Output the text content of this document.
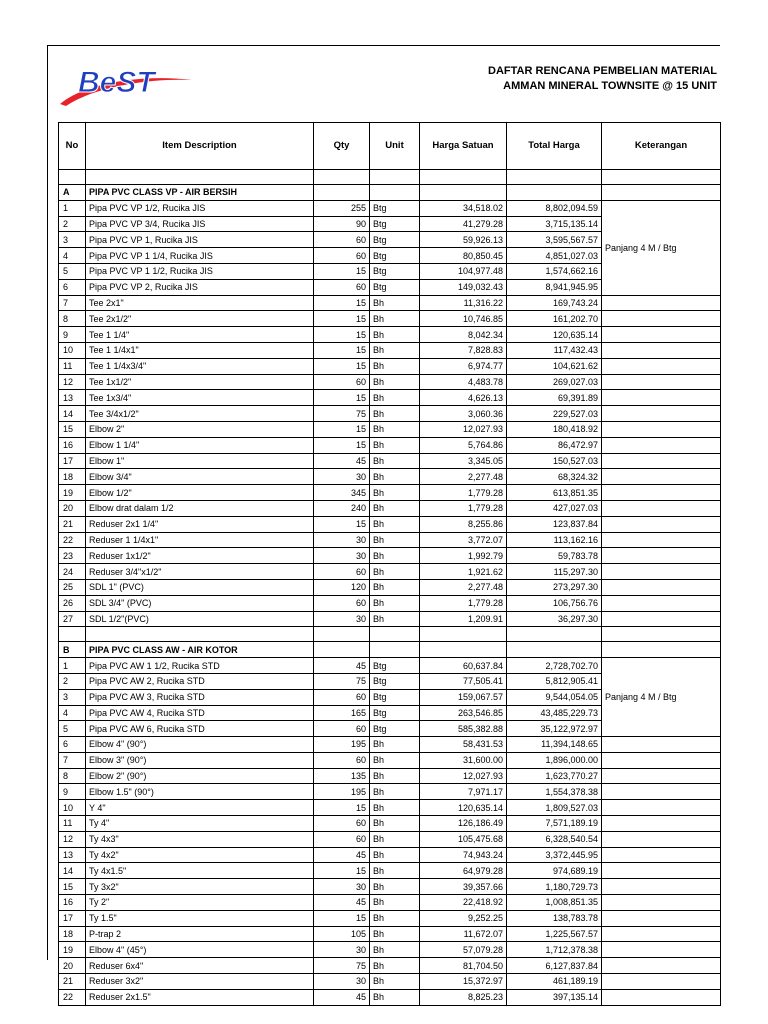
BeST	DAFTAR RENCANA PEMBELIAN MATERIAL
AMMAN MINERAL TOWNSITE @ 15 UNIT
No	Item Description	Qty	Unit	Harga Satuan	Total Harga	Keterangan

A	PIPA PVC CLASS VP - AIR BERSIH					
1	Pipa PVC VP 1/2, Rucika JIS	255	Btg	34,518.02	8,802,094.59	Panjang 4 M / Btg
2	Pipa PVC VP 3/4, Rucika JIS	90	Btg	41,279.28	3,715,135.14	
3	Pipa PVC VP 1, Rucika JIS	60	Btg	59,926.13	3,595,567.57	
4	Pipa PVC VP 1 1/4, Rucika JIS	60	Btg	80,850.45	4,851,027.03	
5	Pipa PVC VP 1 1/2, Rucika JIS	15	Btg	104,977.48	1,574,662.16	
6	Pipa PVC VP 2, Rucika JIS	60	Btg	149,032.43	8,941,945.95	
7	Tee 2x1"	15	Bh	11,316.22	169,743.24	
8	Tee 2x1/2"	15	Bh	10,746.85	161,202.70	
9	Tee 1 1/4"	15	Bh	8,042.34	120,635.14	
10	Tee 1 1/4x1"	15	Bh	7,828.83	117,432.43	
11	Tee 1 1/4x3/4"	15	Bh	6,974.77	104,621.62	
12	Tee 1x1/2"	60	Bh	4,483.78	269,027.03	
13	Tee 1x3/4"	15	Bh	4,626.13	69,391.89	
14	Tee 3/4x1/2"	75	Bh	3,060.36	229,527.03	
15	Elbow 2"	15	Bh	12,027.93	180,418.92	
16	Elbow 1 1/4"	15	Bh	5,764.86	86,472.97	
17	Elbow 1"	45	Bh	3,345.05	150,527.03	
18	Elbow 3/4"	30	Bh	2,277.48	68,324.32	
19	Elbow 1/2"	345	Bh	1,779.28	613,851.35	
20	Elbow drat dalam 1/2	240	Bh	1,779.28	427,027.03	
21	Reduser 2x1 1/4"	15	Bh	8,255.86	123,837.84	
22	Reduser 1 1/4x1"	30	Bh	3,772.07	113,162.16	
23	Reduser 1x1/2"	30	Bh	1,992.79	59,783.78	
24	Reduser 3/4"x1/2"	60	Bh	1,921.62	115,297.30	
25	SDL 1" (PVC)	120	Bh	2,277.48	273,297.30	
26	SDL 3/4" (PVC)	60	Bh	1,779.28	106,756.76	
27	SDL 1/2"(PVC)	30	Bh	1,209.91	36,297.30	

B	PIPA PVC CLASS AW - AIR KOTOR					
1	Pipa PVC AW 1 1/2, Rucika STD	45	Btg	60,637.84	2,728,702.70	Panjang 4 M / Btg
2	Pipa PVC AW 2, Rucika STD	75	Btg	77,505.41	5,812,905.41	
3	Pipa PVC AW 3, Rucika STD	60	Btg	159,067.57	9,544,054.05	
4	Pipa PVC AW 4, Rucika STD	165	Btg	263,546.85	43,485,229.73	
5	Pipa PVC AW 6, Rucika STD	60	Btg	585,382.88	35,122,972.97	
6	Elbow 4" (90°)	195	Bh	58,431.53	11,394,148.65	
7	Elbow 3" (90°)	60	Bh	31,600.00	1,896,000.00	
8	Elbow 2" (90°)	135	Bh	12,027.93	1,623,770.27	
9	Elbow 1.5" (90°)	195	Bh	7,971.17	1,554,378.38	
10	Y 4"	15	Bh	120,635.14	1,809,527.03	
11	Ty 4"	60	Bh	126,186.49	7,571,189.19	
12	Ty 4x3"	60	Bh	105,475.68	6,328,540.54	
13	Ty 4x2"	45	Bh	74,943.24	3,372,445.95	
14	Ty 4x1.5"	15	Bh	64,979.28	974,689.19	
15	Ty 3x2"	30	Bh	39,357.66	1,180,729.73	
16	Ty 2"	45	Bh	22,418.92	1,008,851.35	
17	Ty 1.5"	15	Bh	9,252.25	138,783.78	
18	P-trap 2	105	Bh	11,672.07	1,225,567.57	
19	Elbow 4" (45°)	30	Bh	57,079.28	1,712,378.38	
20	Reduser 6x4"	75	Bh	81,704.50	6,127,837.84	
21	Reduser 3x2"	30	Bh	15,372.97	461,189.19	
22	Reduser 2x1.5"	45	Bh	8,825.23	397,135.14	
